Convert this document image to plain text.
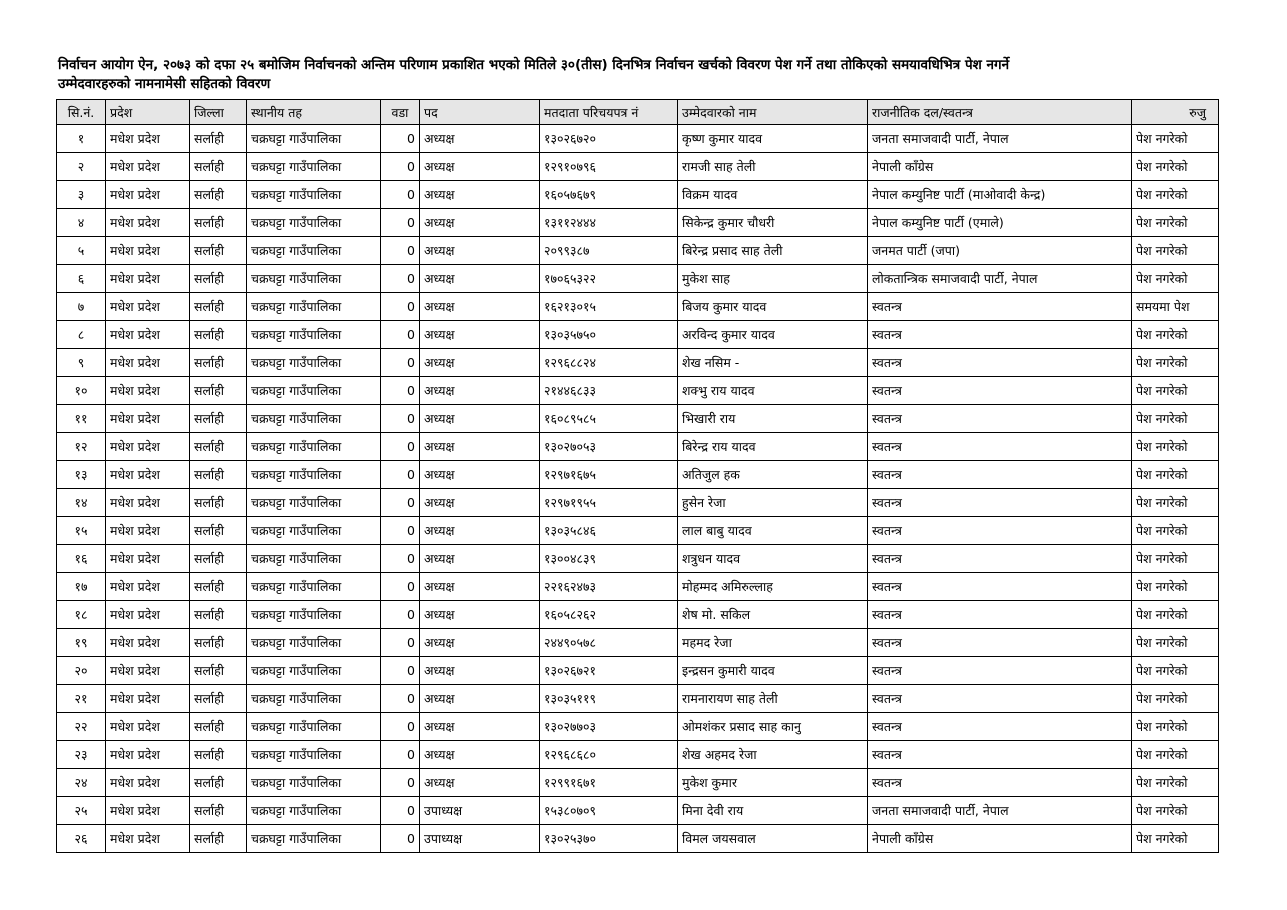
निर्वाचन आयोग ऐन, २०७३ को दफा २५ बमोजिम निर्वाचनको अन्तिम परिणाम प्रकाशित भएको मितिले ३०(तीस) दिनभित्र निर्वाचन खर्चको विवरण पेश गर्ने तथा तोकिएको समयावधिभित्र पेश नगर्ने
उम्मेदवारहरुको नामनामेसी सहितको विवरण
सि.नं.	प्रदेश	जिल्ला	स्थानीय तह	वडा	पद	मतदाता परिचयपत्र नं	उम्मेदवारको नाम	राजनीतिक दल/स्वतन्त्र	रुजु
१	मधेश प्रदेश	सर्लाही	चक्रघट्टा गाउँपालिका	0	अध्यक्ष	१३०२६७२०	कृष्ण कुमार यादव	जनता समाजवादी पार्टी, नेपाल	पेश नगरेको
२	मधेश प्रदेश	सर्लाही	चक्रघट्टा गाउँपालिका	0	अध्यक्ष	१२९१०७९६	रामजी साह तेली	नेपाली काँग्रेस	पेश नगरेको
३	मधेश प्रदेश	सर्लाही	चक्रघट्टा गाउँपालिका	0	अध्यक्ष	१६०५७६७९	विक्रम यादव	नेपाल कम्युनिष्ट पार्टी (माओवादी केन्द्र)	पेश नगरेको
४	मधेश प्रदेश	सर्लाही	चक्रघट्टा गाउँपालिका	0	अध्यक्ष	१३११२४४४	सिकेन्द्र कुमार चौधरी	नेपाल कम्युनिष्ट पार्टी (एमाले)	पेश नगरेको
५	मधेश प्रदेश	सर्लाही	चक्रघट्टा गाउँपालिका	0	अध्यक्ष	२०९९३८७	बिरेन्द्र प्रसाद साह तेली	जनमत पार्टी (जपा)	पेश नगरेको
६	मधेश प्रदेश	सर्लाही	चक्रघट्टा गाउँपालिका	0	अध्यक्ष	१७०६५३२२	मुकेश साह	लोकतान्त्रिक समाजवादी पार्टी, नेपाल	पेश नगरेको
७	मधेश प्रदेश	सर्लाही	चक्रघट्टा गाउँपालिका	0	अध्यक्ष	१६२१३०१५	बिजय कुमार यादव	स्वतन्त्र	समयमा पेश
८	मधेश प्रदेश	सर्लाही	चक्रघट्टा गाउँपालिका	0	अध्यक्ष	१३०३५७५०	अरविन्द कुमार यादव	स्वतन्त्र	पेश नगरेको
९	मधेश प्रदेश	सर्लाही	चक्रघट्टा गाउँपालिका	0	अध्यक्ष	१२९६८८२४	शेख नसिम -	स्वतन्त्र	पेश नगरेको
१०	मधेश प्रदेश	सर्लाही	चक्रघट्टा गाउँपालिका	0	अध्यक्ष	२१४४६८३३	शक्भु राय यादव	स्वतन्त्र	पेश नगरेको
११	मधेश प्रदेश	सर्लाही	चक्रघट्टा गाउँपालिका	0	अध्यक्ष	१६०८९५८५	भिखारी राय	स्वतन्त्र	पेश नगरेको
१२	मधेश प्रदेश	सर्लाही	चक्रघट्टा गाउँपालिका	0	अध्यक्ष	१३०२७०५३	बिरेन्द्र राय यादव	स्वतन्त्र	पेश नगरेको
१३	मधेश प्रदेश	सर्लाही	चक्रघट्टा गाउँपालिका	0	अध्यक्ष	१२९७१६७५	अतिजुल हक	स्वतन्त्र	पेश नगरेको
१४	मधेश प्रदेश	सर्लाही	चक्रघट्टा गाउँपालिका	0	अध्यक्ष	१२९७१९५५	हुसेन रेजा	स्वतन्त्र	पेश नगरेको
१५	मधेश प्रदेश	सर्लाही	चक्रघट्टा गाउँपालिका	0	अध्यक्ष	१३०३५८४६	लाल बाबु यादव	स्वतन्त्र	पेश नगरेको
१६	मधेश प्रदेश	सर्लाही	चक्रघट्टा गाउँपालिका	0	अध्यक्ष	१३००४८३९	शत्रुधन यादव	स्वतन्त्र	पेश नगरेको
१७	मधेश प्रदेश	सर्लाही	चक्रघट्टा गाउँपालिका	0	अध्यक्ष	२२१६२४७३	मोहम्मद अमिरुल्लाह	स्वतन्त्र	पेश नगरेको
१८	मधेश प्रदेश	सर्लाही	चक्रघट्टा गाउँपालिका	0	अध्यक्ष	१६०५८२६२	शेष मो. सकिल	स्वतन्त्र	पेश नगरेको
१९	मधेश प्रदेश	सर्लाही	चक्रघट्टा गाउँपालिका	0	अध्यक्ष	२४४९०५७८	महमद रेजा	स्वतन्त्र	पेश नगरेको
२०	मधेश प्रदेश	सर्लाही	चक्रघट्टा गाउँपालिका	0	अध्यक्ष	१३०२६७२१	इन्द्रसन कुमारी यादव	स्वतन्त्र	पेश नगरेको
२१	मधेश प्रदेश	सर्लाही	चक्रघट्टा गाउँपालिका	0	अध्यक्ष	१३०३५११९	रामनारायण साह तेली	स्वतन्त्र	पेश नगरेको
२२	मधेश प्रदेश	सर्लाही	चक्रघट्टा गाउँपालिका	0	अध्यक्ष	१३०२७७०३	ओमशंकर प्रसाद साह कानु	स्वतन्त्र	पेश नगरेको
२३	मधेश प्रदेश	सर्लाही	चक्रघट्टा गाउँपालिका	0	अध्यक्ष	१२९६८६८०	शेख अहमद रेजा	स्वतन्त्र	पेश नगरेको
२४	मधेश प्रदेश	सर्लाही	चक्रघट्टा गाउँपालिका	0	अध्यक्ष	१२९९१६७१	मुकेश कुमार	स्वतन्त्र	पेश नगरेको
२५	मधेश प्रदेश	सर्लाही	चक्रघट्टा गाउँपालिका	0	उपाध्यक्ष	१५३८०७०९	मिना देवी राय	जनता समाजवादी पार्टी, नेपाल	पेश नगरेको
२६	मधेश प्रदेश	सर्लाही	चक्रघट्टा गाउँपालिका	0	उपाध्यक्ष	१३०२५३७०	विमल जयसवाल	नेपाली काँग्रेस	पेश नगरेको
